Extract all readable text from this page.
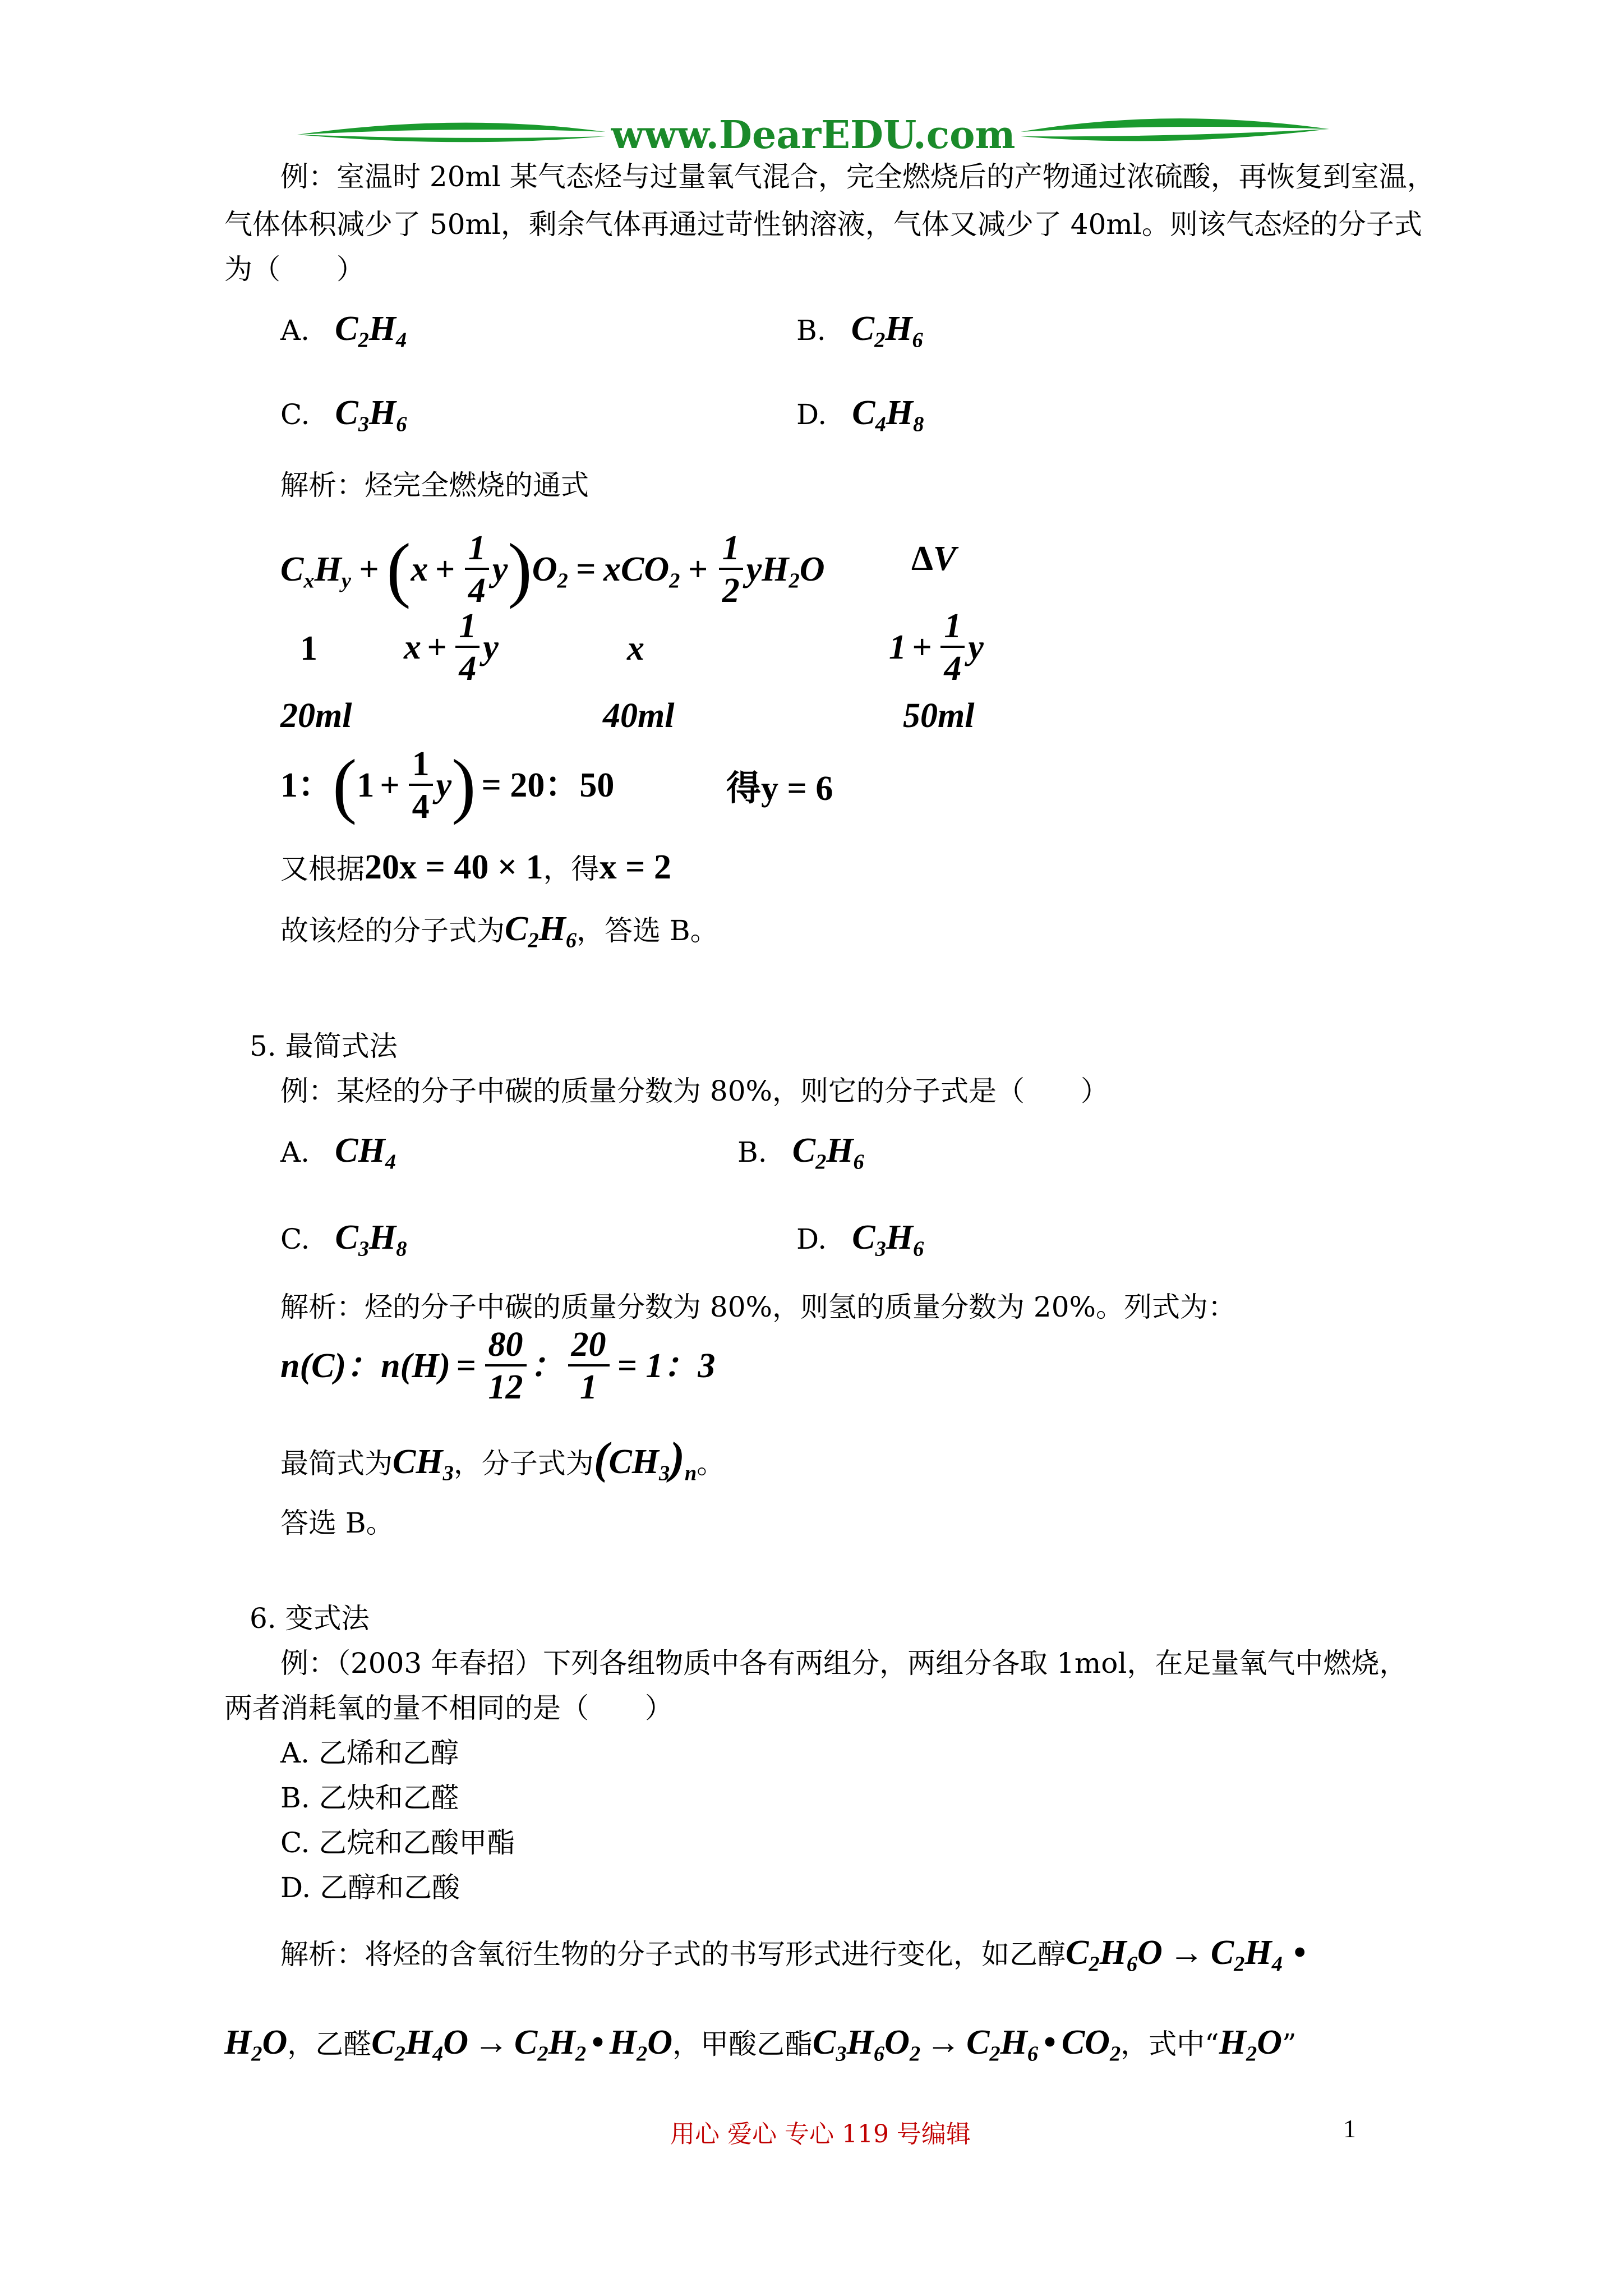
www.DearEDU.com
例：室温时 20ml 某气态烃与过量氧气混合，完全燃烧后的产物通过浓硫酸，再恢复到室温，
气体体积减少了 50ml，剩余气体再通过苛性钠溶液，气体又减少了 40ml。则该气态烃的分子式
为（　　）
A. $C_2H_4$	B. $C_2H_6$
C. $C_3H_6$	D. $C_4H_8$
解析：烃完全燃烧的通式
$C_xH_y$ + ( $x + \frac{1}{4}$ y ) $O_2 = xCO_2 + \frac{1}{2} yH_2O$ ΔV
1 $x + \frac{1}{4}$ y	x	$1 + \frac{1}{4}$ y
20ml	40ml	50ml
1： ( $1 + \frac{1}{4}$ y ) = 20：50	得y = 6
又根据 20x = 40 × 1 ，得 x = 2
故该烃的分子式为 $C_2H_6$ ，答选 B。
5. 最简式法
例：某烃的分子中碳的质量分数为 80%，则它的分子式是（　　）
A. $CH_4$	B. $C_2H_6$
C. $C_3H_8$	D. $C_3H_6$
解析：烃的分子中碳的质量分数为 80%，则氢的质量分数为 20%。列式为：
n ( C )： n ( H ) = $\frac{80}{12}$ ： $\frac{20}{1} = 1$：3
最简式为 $CH_3$ ，分子式为 $(CH_3)_n$ 。
答选 B。
6. 变式法
例：（2003 年春招）下列各组物质中各有两组分，两组分各取 1mol，在足量氧气中燃烧，
两者消耗氧的量不相同的是（　　）
A. 乙烯和乙醇
B. 乙炔和乙醛
C. 乙烷和乙酸甲酯
D. 乙醇和乙酸
解析：将烃的含氧衍生物的分子式的书写形式进行变化，如乙醇 $C_2H_6O \to C_2H_4$ •
$H_2O$ ，乙醛 $C_2H_4O \to C_2H_2$ • $H_2O$ ，甲酸乙酯 $C_3H_6O_2 \to C_2H_6$ • $CO_2$ ，式中“ $H_2O$ ”
用心 爱心 专心 119 号编辑	1
